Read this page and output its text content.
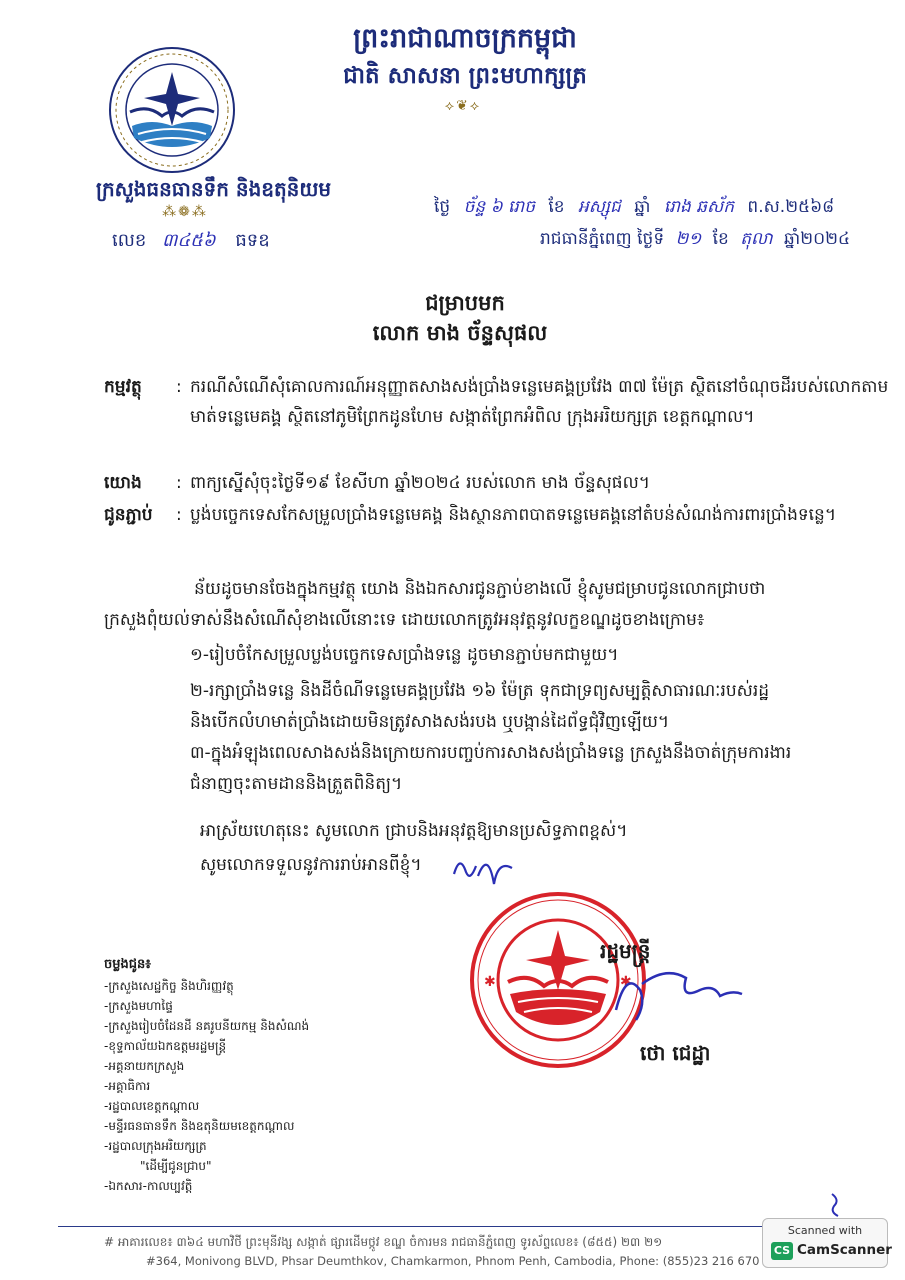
ព្រះរាជាណាចក្រកម្ពុជា
ជាតិ សាសនា ព្រះមហាក្សត្រ
⟡❦⟡
ក្រសួងធនធានទឹក និងឧតុនិយម
⁂❁⁂
លេខ ៣៤៥៦ ធទឧ
ថ្ងៃ ច័ន្ទ ៦ រោច ខែ អស្សុជ ឆ្នាំ រោង ឆស័ក ព.ស.២៥៦៨
រាជធានីភ្នំពេញ ថ្ងៃទី ២១ ខែ តុលា ឆ្នាំ២០២៤
ជម្រាបមក
លោក មាង ច័ន្ទសុផល
កម្មវត្ថុ	: ករណីសំណើសុំគោលការណ៍អនុញ្ញាតសាងសង់ប្រាំងទន្លេមេគង្គប្រវែង ៣៧ ម៉ែត្រ ស្ថិតនៅចំណុចដីរបស់លោកតាមមាត់ទន្លេមេគង្គ ស្ថិតនៅភូមិព្រែកដូនហែម សង្កាត់ព្រែកអំពិល ក្រុងអរិយក្សត្រ ខេត្តកណ្ដាល។
យោង	: ពាក្យស្នើសុំចុះថ្ងៃទី១៩ ខែសីហា ឆ្នាំ២០២៤ របស់លោក មាង ច័ន្ទសុផល។
ជូនភ្ជាប់	: ប្លង់បច្ចេកទេសកែសម្រួលប្រាំងទន្លេមេគង្គ និងស្ថានភាពបាតទន្លេមេគង្គនៅតំបន់សំណង់ការពារប្រាំងទន្លេ។
ន័យដូចមានចែងក្នុងកម្មវត្ថុ យោង និងឯកសារជូនភ្ជាប់ខាងលើ ខ្ញុំសូមជម្រាបជូនលោកជ្រាបថា ក្រសួងពុំយល់ទាស់នឹងសំណើសុំខាងលើនោះទេ ដោយលោកត្រូវអនុវត្តនូវលក្ខខណ្ឌដូចខាងក្រោម៖
១-រៀបចំកែសម្រួលប្លង់បច្ចេកទេសប្រាំងទន្លេ ដូចមានភ្ជាប់មកជាមួយ។
២-រក្សាប្រាំងទន្លេ និងដីចំណីទន្លេមេគង្គប្រវែង ១៦ ម៉ែត្រ ទុកជាទ្រព្យសម្បត្តិសាធារណៈរបស់រដ្ឋ និងបើកលំហមាត់ប្រាំងដោយមិនត្រូវសាងសង់របង ឬបង្កាន់ដៃព័ទ្ធជុំវិញឡើយ។
៣-ក្នុងអំឡុងពេលសាងសង់និងក្រោយការបញ្ចប់ការសាងសង់ប្រាំងទន្លេ ក្រសួងនឹងចាត់ក្រុមការងារជំនាញចុះតាមដាននិងត្រួតពិនិត្យ។
អាស្រ័យហេតុនេះ សូមលោក ជ្រាបនិងអនុវត្តឱ្យមានប្រសិទ្ធភាពខ្ពស់។
សូមលោកទទួលនូវការរាប់អានពីខ្ញុំ។
✱	✱
រដ្ឋមន្ត្រី
ថោ ជេដ្ឋា
ចម្លងជូន៖
-ក្រសួងសេដ្ឋកិច្ច និងហិរញ្ញវត្ថុ
-ក្រសួងមហាផ្ទៃ
-ក្រសួងរៀបចំដែនដី នគរូបនីយកម្ម និងសំណង់
-ខុទ្ទកាល័យឯកឧត្តមរដ្ឋមន្ត្រី
-អគ្គនាយកក្រសួង
-អគ្គាធិការ
-រដ្ឋបាលខេត្តកណ្ដាល
-មន្ទីរធនធានទឹក និងឧតុនិយមខេត្តកណ្ដាល
-រដ្ឋបាលក្រុងអរិយក្សត្រ
"ដើម្បីជូនជ្រាប"
-ឯកសារ-កាលប្បវត្តិ
# អាគារលេខ៖ ៣៦៤ មហាវិថី ព្រះមុនីវង្ស សង្កាត់ ផ្សារដើមថ្កូវ ខណ្ឌ ចំការមន រាជធានីភ្នំពេញ ទូរស័ព្ទលេខ៖ (៨៥៥) ២៣ ២១
#364, Monivong BLVD, Phsar Deumthkov, Chamkarmon, Phnom Penh, Cambodia, Phone: (855)23 216 670
Scanned with
CS CamScanner
